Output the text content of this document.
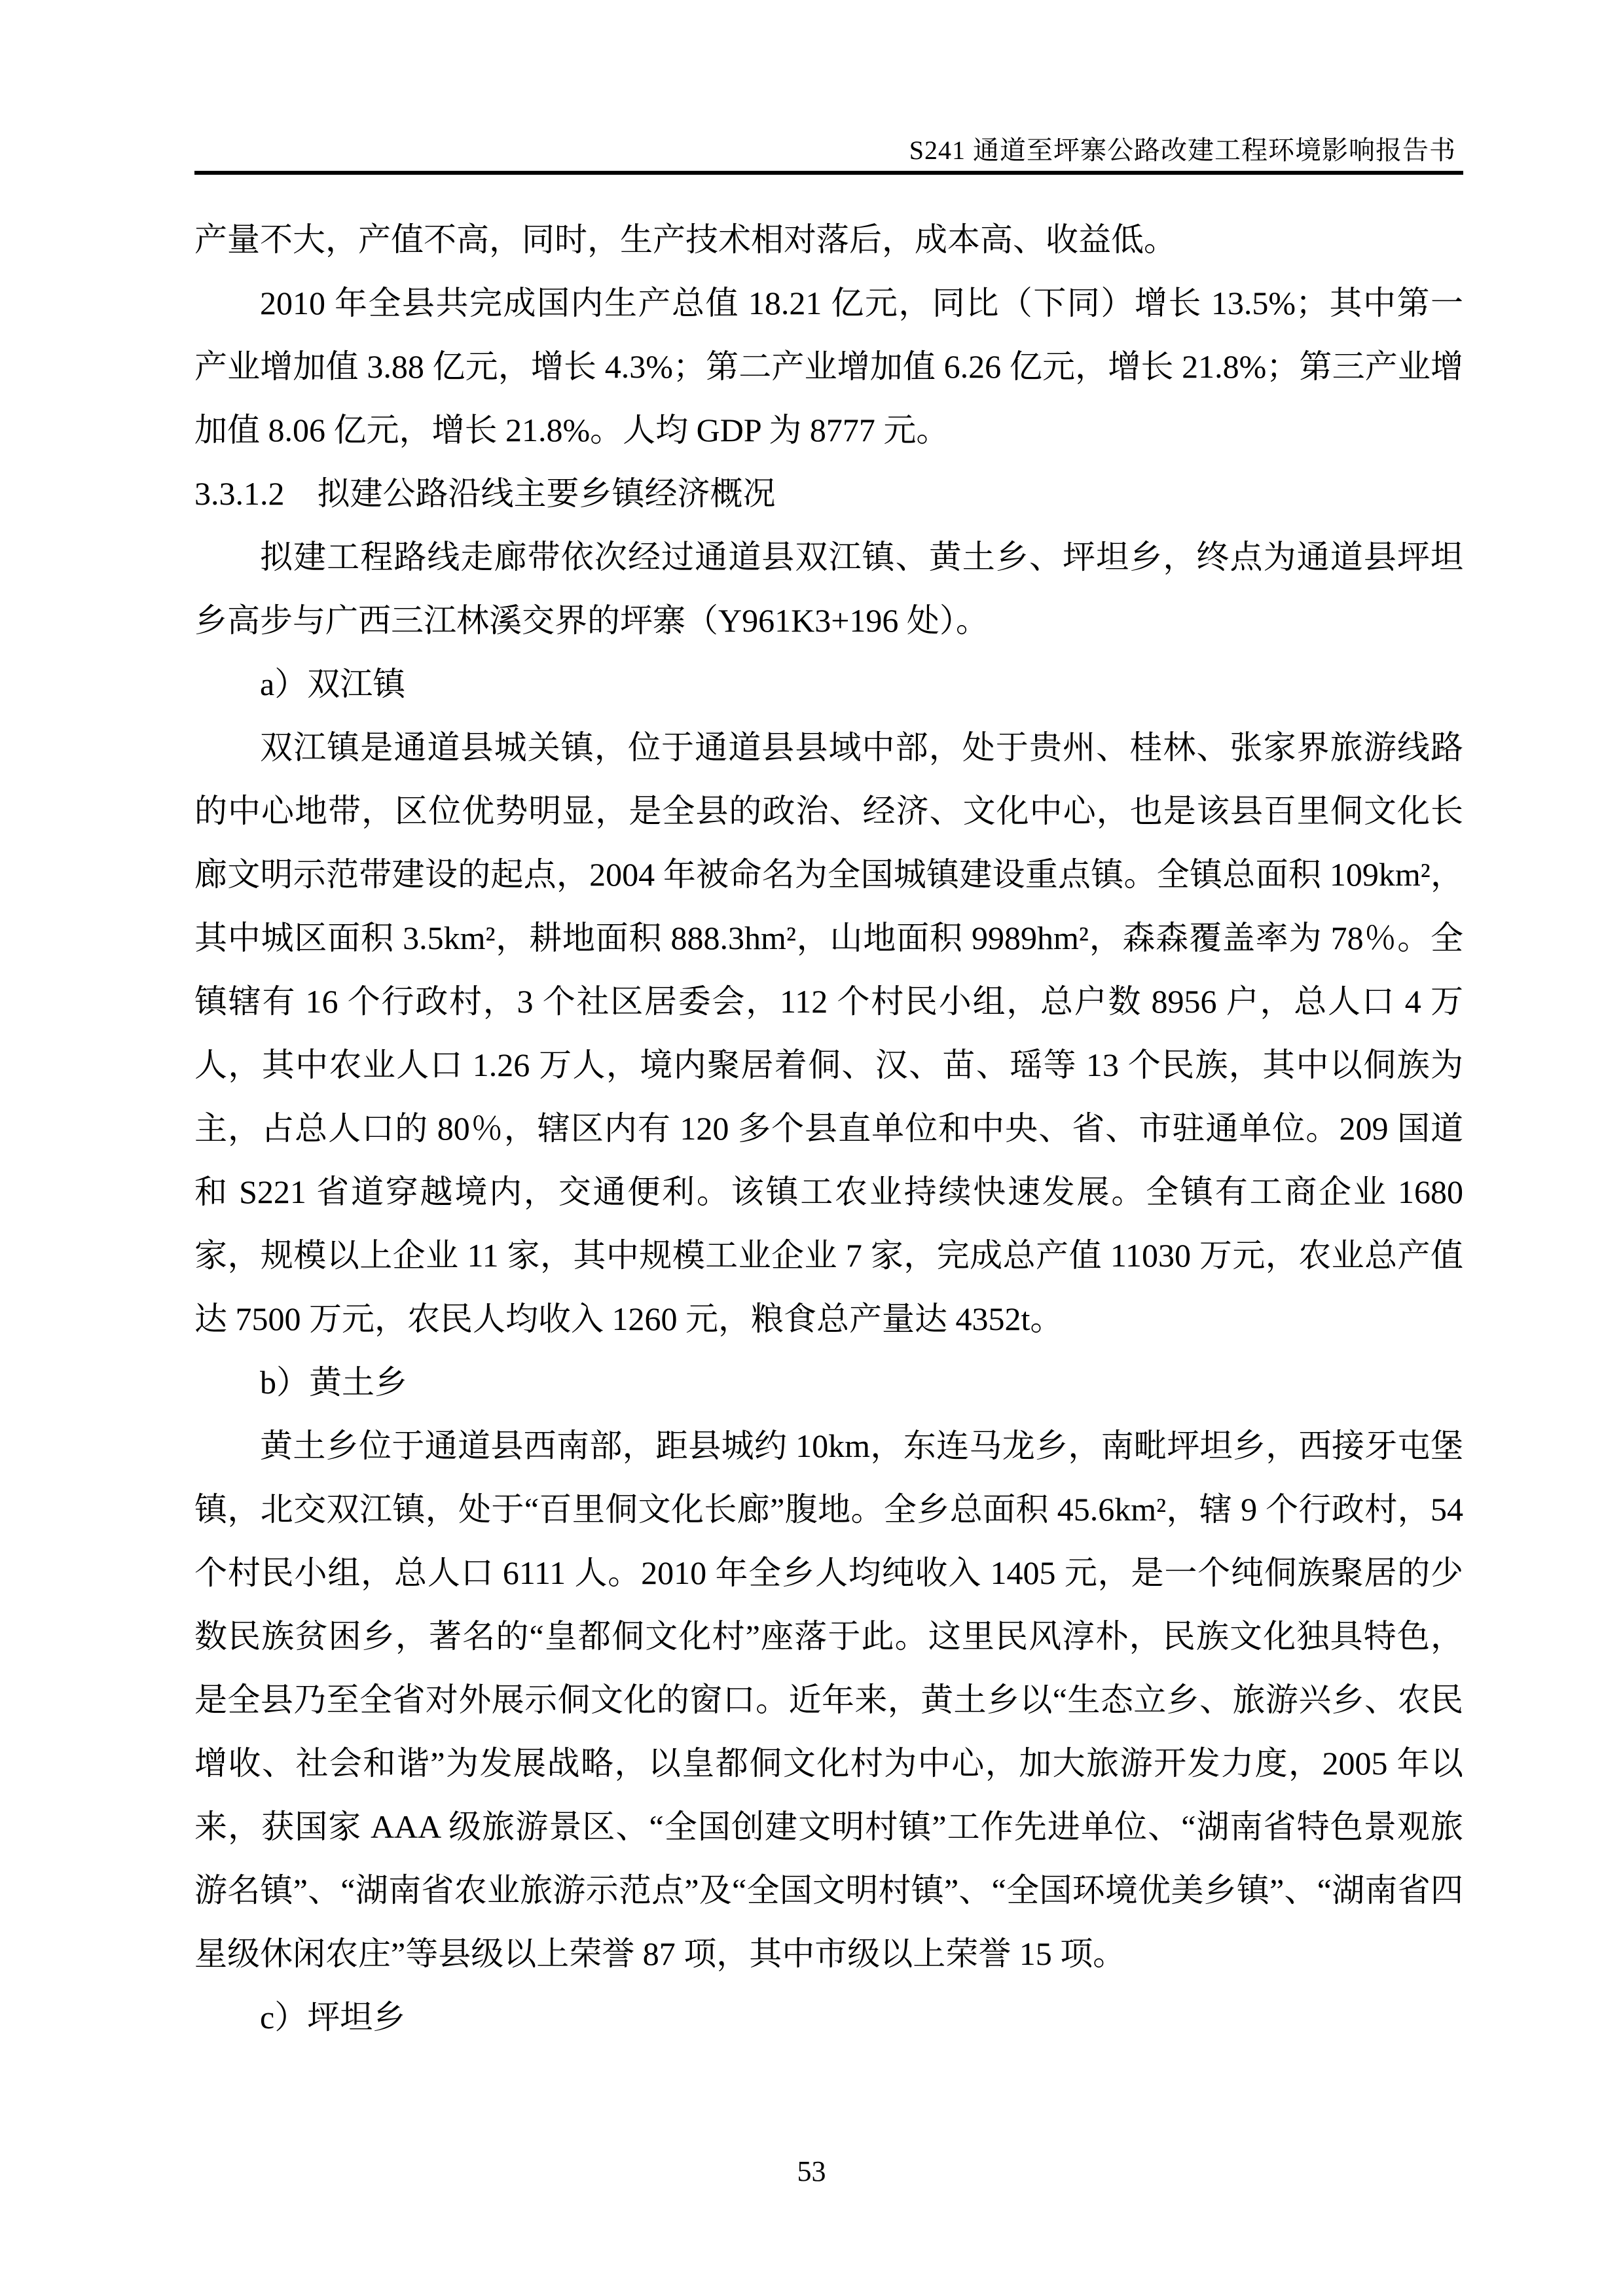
S241 通道至坪寨公路改建工程环境影响报告书

产量不大，产值不高，同时，生产技术相对落后，成本高、收益低。

2010 年全县共完成国内生产总值 18.21 亿元，同比（下同）增长 13.5%；其中第一产业增加值 3.88 亿元，增长 4.3%；第二产业增加值 6.26 亿元，增长 21.8%；第三产业增加值 8.06 亿元，增长 21.8%。人均 GDP 为 8777 元。

3.3.1.2　拟建公路沿线主要乡镇经济概况

拟建工程路线走廊带依次经过通道县双江镇、黄土乡、坪坦乡，终点为通道县坪坦乡高步与广西三江林溪交界的坪寨（Y961K3+196 处）。

a）双江镇

双江镇是通道县城关镇，位于通道县县域中部，处于贵州、桂林、张家界旅游线路的中心地带，区位优势明显，是全县的政治、经济、文化中心，也是该县百里侗文化长廊文明示范带建设的起点，2004 年被命名为全国城镇建设重点镇。全镇总面积 109km²，其中城区面积 3.5km²，耕地面积 888.3hm²，山地面积 9989hm²，森森覆盖率为 78％。全镇辖有 16 个行政村，3 个社区居委会，112 个村民小组，总户数 8956 户，总人口 4 万人，其中农业人口 1.26 万人，境内聚居着侗、汉、苗、瑶等 13 个民族，其中以侗族为主，占总人口的 80％，辖区内有 120 多个县直单位和中央、省、市驻通单位。209 国道和 S221 省道穿越境内，交通便利。该镇工农业持续快速发展。全镇有工商企业 1680 家，规模以上企业 11 家，其中规模工业企业 7 家，完成总产值 11030 万元，农业总产值达 7500 万元，农民人均收入 1260 元，粮食总产量达 4352t。

b）黄土乡

黄土乡位于通道县西南部，距县城约 10km，东连马龙乡，南毗坪坦乡，西接牙屯堡镇，北交双江镇，处于“百里侗文化长廊”腹地。全乡总面积 45.6km²，辖 9 个行政村，54 个村民小组，总人口 6111 人。2010 年全乡人均纯收入 1405 元，是一个纯侗族聚居的少数民族贫困乡，著名的“皇都侗文化村”座落于此。这里民风淳朴，民族文化独具特色，是全县乃至全省对外展示侗文化的窗口。近年来，黄土乡以“生态立乡、旅游兴乡、农民增收、社会和谐”为发展战略，以皇都侗文化村为中心，加大旅游开发力度，2005 年以来，获国家 AAA 级旅游景区、“全国创建文明村镇”工作先进单位、“湖南省特色景观旅游名镇”、“湖南省农业旅游示范点”及“全国文明村镇”、“全国环境优美乡镇”、“湖南省四星级休闲农庄”等县级以上荣誉 87 项，其中市级以上荣誉 15 项。

c）坪坦乡

53
